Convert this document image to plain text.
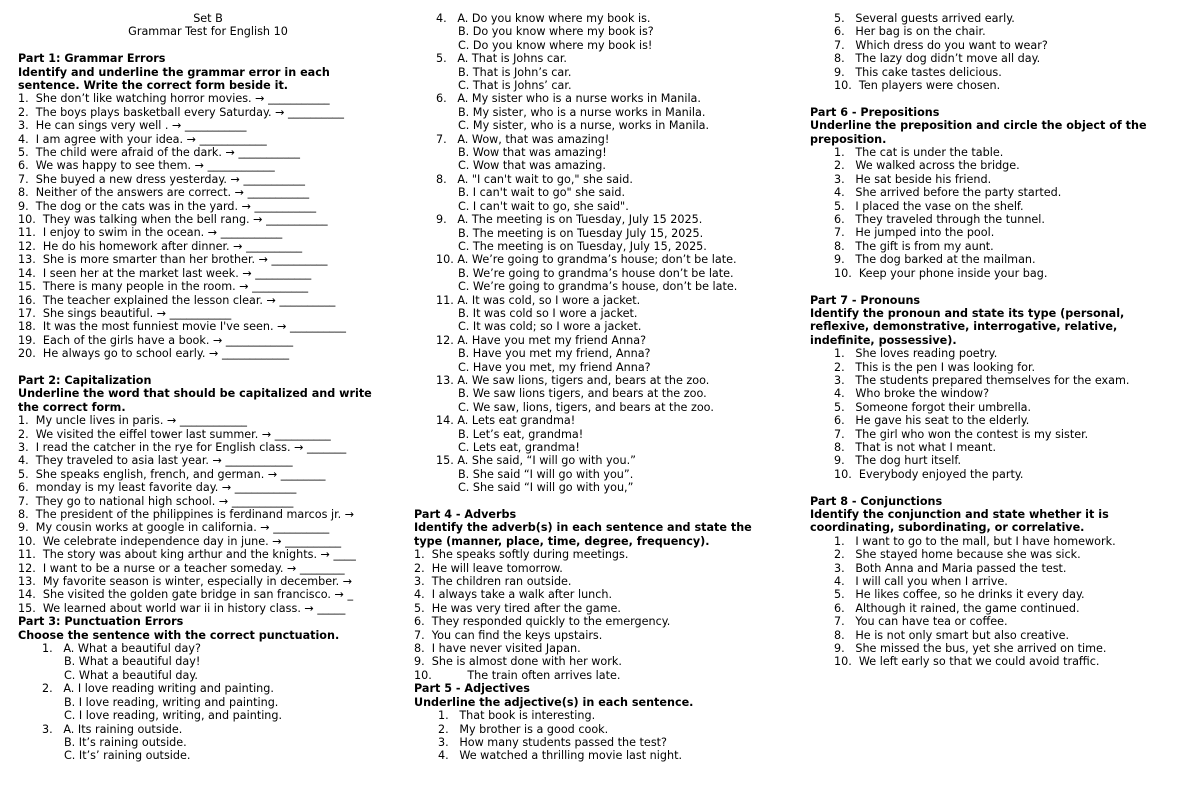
Set B
Grammar Test for English 10
Part 1: Grammar Errors
Identify and underline the grammar error in each
sentence. Write the correct form beside it.
1.  She don’t like watching horror movies. → ___________
2.  The boys plays basketball every Saturday. → __________
3.  He can sings very well . → ___________
4.  I am agree with your idea. → ____________
5.  The child were afraid of the dark. → ___________
6.  We was happy to see them. → ____________
7.  She buyed a new dress yesterday. → ___________
8.  Neither of the answers are correct. → ___________
9.  The dog or the cats was in the yard. → ___________
10.  They was talking when the bell rang. → ___________
11.  I enjoy to swim in the ocean. → ___________
12.  He do his homework after dinner. → __________
13.  She is more smarter than her brother. → __________
14.  I seen her at the market last week. → __________
15.  There is many people in the room. → __________
16.  The teacher explained the lesson clear. → __________
17.  She sings beautiful. → ___________
18.  It was the most funniest movie I've seen. → __________
19.  Each of the girls have a book. → ____________
20.  He always go to school early. → ____________
Part 2: Capitalization
Underline the word that should be capitalized and write
the correct form.
1.  My uncle lives in paris. → ____________
2.  We visited the eiffel tower last summer. → __________
3.  I read the catcher in the rye for English class. → _______
4.  They traveled to asia last year. → ____________
5.  She speaks english, french, and german. → ________
6.  monday is my least favorite day. → ___________
7.  They go to national high school. → ___________
8.  The president of the philippines is ferdinand marcos jr. →
9.  My cousin works at google in california. → __________
10.  We celebrate independence day in june. → __________
11.  The story was about king arthur and the knights. → ____
12.  I want to be a nurse or a teacher someday. → ________
13.  My favorite season is winter, especially in december. →
14.  She visited the golden gate bridge in san francisco. → _
15.  We learned about world war ii in history class. → _____
Part 3: Punctuation Errors
Choose the sentence with the correct punctuation.
1.   A. What a beautiful day?
B. What a beautiful day!
C. What a beautiful day.
2.   A. I love reading writing and painting.
B. I love reading, writing and painting.
C. I love reading, writing, and painting.
3.   A. Its raining outside.
B. It’s raining outside.
C. It’s’ raining outside.
4.   A. Do you know where my book is.
B. Do you know where my book is?
C. Do you know where my book is!
5.   A. That is Johns car.
B. That is John’s car.
C. That is Johns’ car.
6.   A. My sister who is a nurse works in Manila.
B. My sister, who is a nurse works in Manila.
C. My sister, who is a nurse, works in Manila.
7.   A. Wow, that was amazing!
B. Wow that was amazing!
C. Wow that was amazing.
8.   A. "I can't wait to go," she said.
B. I can't wait to go" she said.
C. I can't wait to go, she said".
9.   A. The meeting is on Tuesday, July 15 2025.
B. The meeting is on Tuesday July 15, 2025.
C. The meeting is on Tuesday, July 15, 2025.
10. A. We’re going to grandma’s house; don’t be late.
B. We’re going to grandma’s house don’t be late.
C. We’re going to grandma’s house, don’t be late.
11. A. It was cold, so I wore a jacket.
B. It was cold so I wore a jacket.
C. It was cold; so I wore a jacket.
12. A. Have you met my friend Anna?
B. Have you met my friend, Anna?
C. Have you met, my friend Anna?
13. A. We saw lions, tigers and, bears at the zoo.
B. We saw lions tigers, and bears at the zoo.
C. We saw, lions, tigers, and bears at the zoo.
14. A. Lets eat grandma!
B. Let’s eat, grandma!
C. Lets eat, grandma!
15. A. She said, “I will go with you.”
B. She said “I will go with you”.
C. She said “I will go with you,”
Part 4 - Adverbs
Identify the adverb(s) in each sentence and state the
type (manner, place, time, degree, frequency).
1.  She speaks softly during meetings.
2.  He will leave tomorrow.
3.  The children ran outside.
4.  I always take a walk after lunch.
5.  He was very tired after the game.
6.  They responded quickly to the emergency.
7.  You can find the keys upstairs.
8.  I have never visited Japan.
9.  She is almost done with her work.
10.          The train often arrives late.
Part 5 - Adjectives
Underline the adjective(s) in each sentence.
1.   That book is interesting.
2.   My brother is a good cook.
3.   How many students passed the test?
4.   We watched a thrilling movie last night.
5.   Several guests arrived early.
6.   Her bag is on the chair.
7.   Which dress do you want to wear?
8.   The lazy dog didn’t move all day.
9.   This cake tastes delicious.
10.  Ten players were chosen.
Part 6 - Prepositions
Underline the preposition and circle the object of the
preposition.
1.   The cat is under the table.
2.   We walked across the bridge.
3.   He sat beside his friend.
4.   She arrived before the party started.
5.   I placed the vase on the shelf.
6.   They traveled through the tunnel.
7.   He jumped into the pool.
8.   The gift is from my aunt.
9.   The dog barked at the mailman.
10.  Keep your phone inside your bag.
Part 7 - Pronouns
Identify the pronoun and state its type (personal,
reflexive, demonstrative, interrogative, relative,
indefinite, possessive).
1.   She loves reading poetry.
2.   This is the pen I was looking for.
3.   The students prepared themselves for the exam.
4.   Who broke the window?
5.   Someone forgot their umbrella.
6.   He gave his seat to the elderly.
7.   The girl who won the contest is my sister.
8.   That is not what I meant.
9.   The dog hurt itself.
10.  Everybody enjoyed the party.
Part 8 - Conjunctions
Identify the conjunction and state whether it is
coordinating, subordinating, or correlative.
1.   I want to go to the mall, but I have homework.
2.   She stayed home because she was sick.
3.   Both Anna and Maria passed the test.
4.   I will call you when I arrive.
5.   He likes coffee, so he drinks it every day.
6.   Although it rained, the game continued.
7.   You can have tea or coffee.
8.   He is not only smart but also creative.
9.   She missed the bus, yet she arrived on time.
10.  We left early so that we could avoid traffic.
